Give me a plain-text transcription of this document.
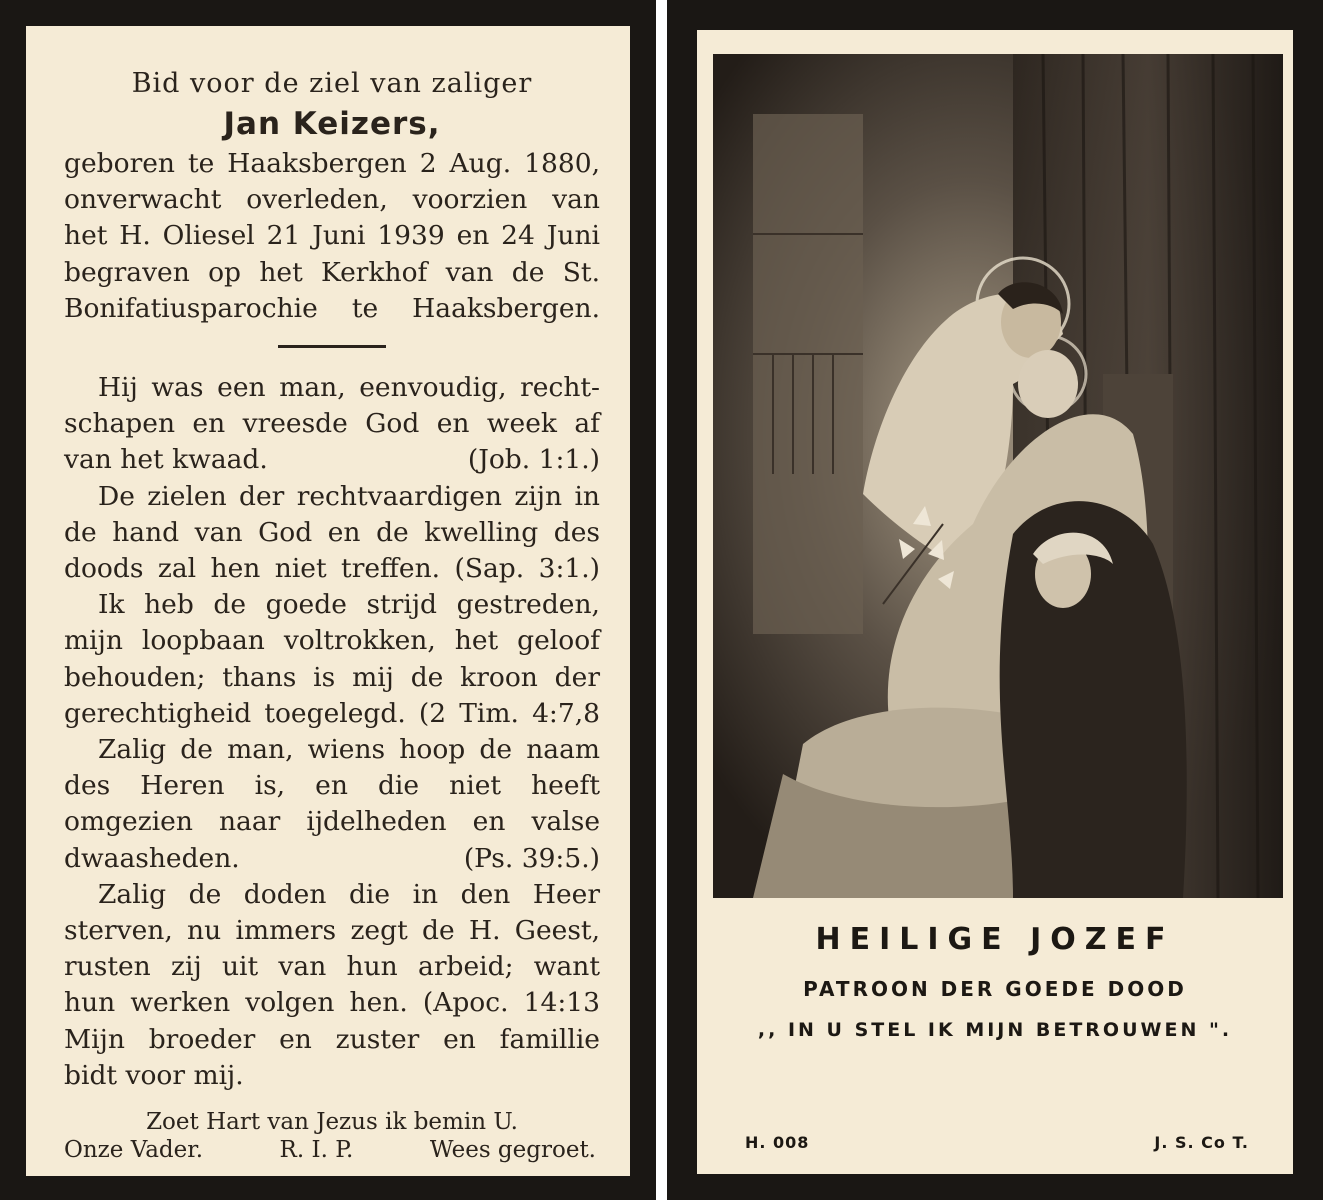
Bid voor de ziel van zaliger

Jan Keizers,

geboren te Haaksbergen 2 Aug. 1880,

onverwacht overleden, voorzien van

het H. Oliesel 21 Juni 1939 en 24 Juni

begraven op het Kerkhof van de St.

Bonifatiusparochie te Haaksbergen.

Hij was een man, eenvoudig, recht-

schapen en vreesde God en week af

van het kwaad.	(Job. 1:1.)

De zielen der rechtvaardigen zijn in

de hand van God en de kwelling des

doods zal hen niet treffen. (Sap. 3:1.)

Ik heb de goede strijd gestreden,

mijn loopbaan voltrokken, het geloof

behouden; thans is mij de kroon der

gerechtigheid toegelegd. (2 Tim. 4:7,8

Zalig de man, wiens hoop de naam

des Heren is, en die niet heeft

omgezien naar ijdelheden en valse

dwaasheden.	(Ps. 39:5.)

Zalig de doden die in den Heer

sterven, nu immers zegt de H. Geest,

rusten zij uit van hun arbeid; want

hun werken volgen hen. (Apoc. 14:13

Mijn broeder en zuster en famillie

bidt voor mij.

Zoet Hart van Jezus ik bemin U.

Onze Vader.	R. I. P.	Wees gegroet.

HEILIGE JOZEF

PATROON DER GOEDE DOOD

,, IN U STEL IK MIJN BETROUWEN ".

H. 008	J. S. Co T.
